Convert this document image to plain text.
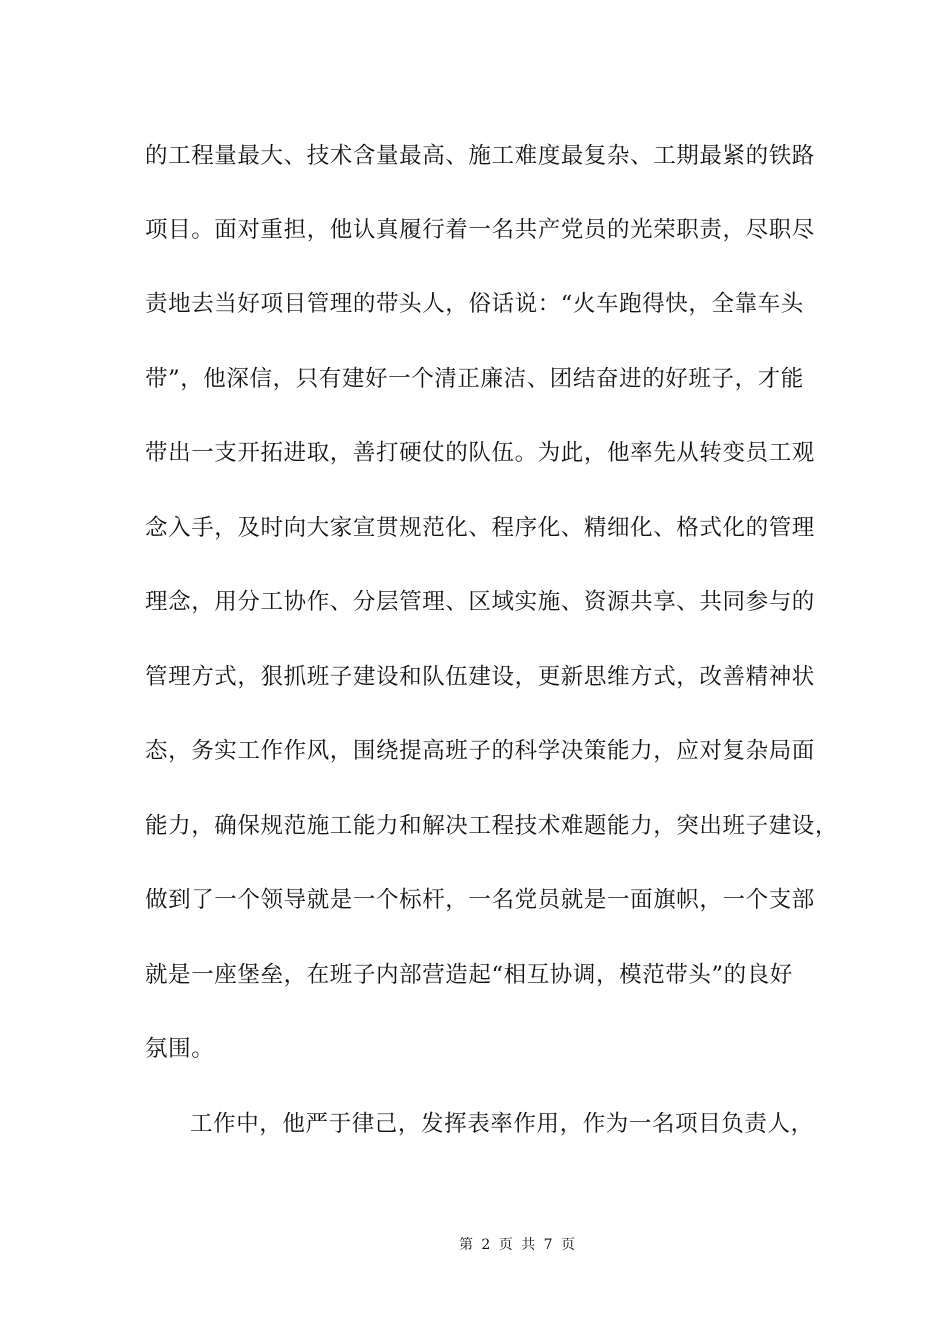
的工程量最大、技术含量最高、施工难度最复杂、工期最紧的铁路
项目。面对重担，他认真履行着一名共产党员的光荣职责，尽职尽
责地去当好项目管理的带头人，俗话说：“火车跑得快，全靠车头
带”，他深信，只有建好一个清正廉洁、团结奋进的好班子，才能
带出一支开拓进取，善打硬仗的队伍。为此，他率先从转变员工观
念入手，及时向大家宣贯规范化、程序化、精细化、格式化的管理
理念，用分工协作、分层管理、区域实施、资源共享、共同参与的
管理方式，狠抓班子建设和队伍建设，更新思维方式，改善精神状
态，务实工作作风，围绕提高班子的科学决策能力，应对复杂局面
能力，确保规范施工能力和解决工程技术难题能力，突出班子建设，
做到了一个领导就是一个标杆，一名党员就是一面旗帜，一个支部
就是一座堡垒，在班子内部营造起“相互协调，模范带头”的良好
氛围。
工作中，他严于律己，发挥表率作用，作为一名项目负责人，
第 2 页 共 7 页
